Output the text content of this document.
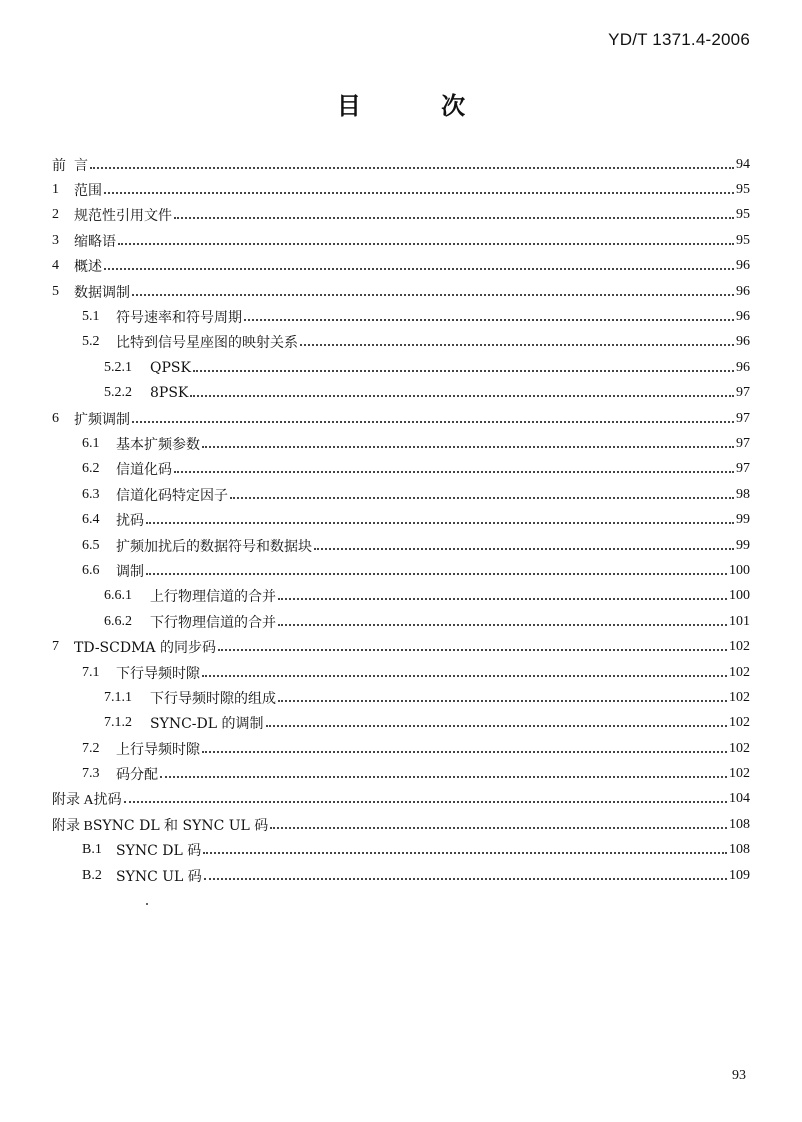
YD/T 1371.4-2006
目 次
前 言	94
1	范围	95
2	规范性引用文件	95
3	缩略语	95
4	概述	96
5	数据调制	96
5.1	符号速率和符号周期	96
5.2	比特到信号星座图的映射关系	96
5.2.1	QPSK	96
5.2.2	8PSK	97
6	扩频调制	97
6.1	基本扩频参数	97
6.2	信道化码	97
6.3	信道化码特定因子	98
6.4	扰码	99
6.5	扩频加扰后的数据符号和数据块	99
6.6	调制	100
6.6.1	上行物理信道的合并	100
6.6.2	下行物理信道的合并	101
7	TD-SCDMA 的同步码	102
7.1	下行导频时隙	102
7.1.1	下行导频时隙的组成	102
7.1.2	SYNC-DL 的调制	102
7.2	上行导频时隙	102
7.3	码分配	102
附录 A 扰码	104
附录 B SYNC DL 和 SYNC UL 码	108
B.1	SYNC DL 码	108
B.2	SYNC UL 码	109
93
